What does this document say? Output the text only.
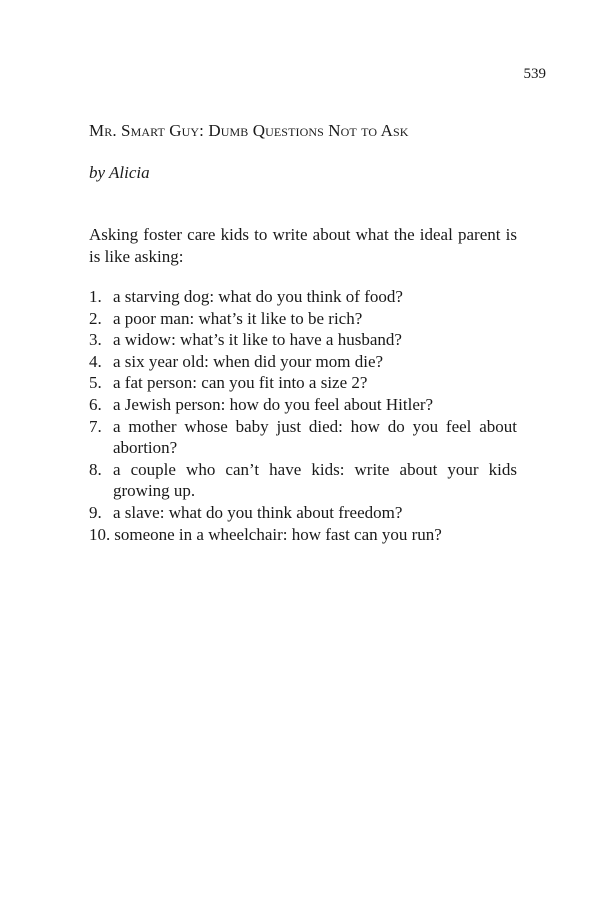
539
Mr. Smart Guy: Dumb Questions Not to Ask
by Alicia
Asking foster care kids to write about what the ideal parent is is like asking:
1. a starving dog: what do you think of food?
2. a poor man: what’s it like to be rich?
3. a widow: what’s it like to have a husband?
4. a six year old: when did your mom die?
5. a fat person: can you fit into a size 2?
6. a Jewish person: how do you feel about Hitler?
7. a mother whose baby just died: how do you feel about abortion?
8. a couple who can’t have kids: write about your kids growing up.
9. a slave: what do you think about freedom?
10. someone in a wheelchair: how fast can you run?
